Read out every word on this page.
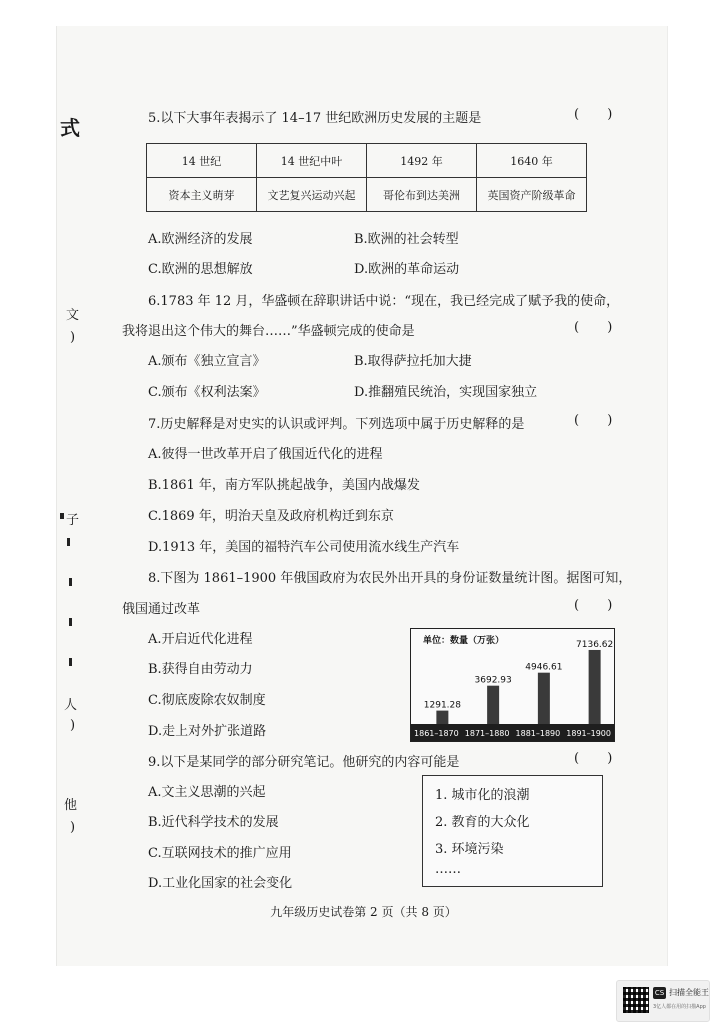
式
文
)
子
人
)
他
)
5.以下大事年表揭示了 14–17 世纪欧洲历史发展的主题是	( )
14 世纪	14 世纪中叶	1492 年	1640 年
资本主义萌芽	文艺复兴运动兴起	哥伦布到达美洲	英国资产阶级革命
A.欧洲经济的发展	B.欧洲的社会转型
C.欧洲的思想解放	D.欧洲的革命运动
6.1783 年 12 月，华盛顿在辞职讲话中说：“现在，我已经完成了赋予我的使命，
我将退出这个伟大的舞台……”华盛顿完成的使命是	( )
A.颁布《独立宣言》	B.取得萨拉托加大捷
C.颁布《权利法案》	D.推翻殖民统治，实现国家独立
7.历史解释是对史实的认识或评判。下列选项中属于历史解释的是	( )
A.彼得一世改革开启了俄国近代化的进程
B.1861 年，南方军队挑起战争，美国内战爆发
C.1869 年，明治天皇及政府机构迁到东京
D.1913 年，美国的福特汽车公司使用流水线生产汽车
8.下图为 1861–1900 年俄国政府为农民外出开具的身份证数量统计图。据图可知，
俄国通过改革	( )
A.开启近代化进程
B.获得自由劳动力
C.彻底废除农奴制度
D.走上对外扩张道路
单位：数量（万张）
1291.28
1861–1870
3692.93
1871–1880
4946.61
1881–1890
7136.62
1891–1900
9.以下是某同学的部分研究笔记。他研究的内容可能是	( )
A.文主义思潮的兴起
B.近代科学技术的发展
C.互联网技术的推广应用
D.工业化国家的社会变化
1. 城市化的浪潮
2. 教育的大众化
3. 环境污染
……
九年级历史试卷第 2 页（共 8 页）
CS 扫描全能王
3亿人都在用的扫描App
